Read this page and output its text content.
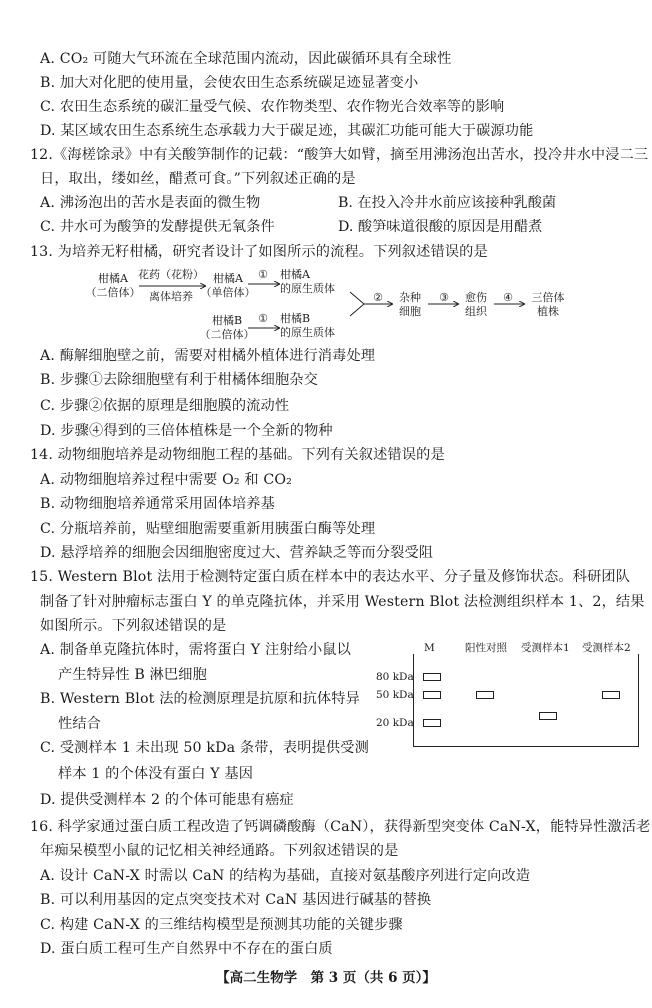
A. CO₂ 可随大气环流在全球范围内流动，因此碳循环具有全球性
B. 加大对化肥的使用量，会使农田生态系统碳足迹显著变小
C. 农田生态系统的碳汇量受气候、农作物类型、农作物光合效率等的影响
D. 某区域农田生态系统生态承载力大于碳足迹，其碳汇功能可能大于碳源功能
12.《海槎馀录》中有关酸笋制作的记载：“酸笋大如臂，摘至用沸汤泡出苦水，投冷井水中浸二三
日，取出，缕如丝，醋煮可食。”下列叙述正确的是
A. 沸汤泡出的苦水是表面的微生物	B. 在投入冷井水前应该接种乳酸菌
C. 井水可为酸笋的发酵提供无氧条件	D. 酸笋味道很酸的原因是用醋煮
13. 为培养无籽柑橘，研究者设计了如图所示的流程。下列叙述错误的是
柑橘A
（二倍体）
花药（花粉）
离体培养
柑橘A
（单倍体）
①	柑橘A
的原生质体
柑橘B
（二倍体）
①	柑橘B
的原生质体
②	杂种
细胞
③	愈伤
组织
④	三倍体
植株
A. 酶解细胞壁之前，需要对柑橘外植体进行消毒处理
B. 步骤①去除细胞壁有利于柑橘体细胞杂交
C. 步骤②依据的原理是细胞膜的流动性
D. 步骤④得到的三倍体植株是一个全新的物种
14. 动物细胞培养是动物细胞工程的基础。下列有关叙述错误的是
A. 动物细胞培养过程中需要 O₂ 和 CO₂
B. 动物细胞培养通常采用固体培养基
C. 分瓶培养前，贴壁细胞需要重新用胰蛋白酶等处理
D. 悬浮培养的细胞会因细胞密度过大、营养缺乏等而分裂受阻
15. Western Blot 法用于检测特定蛋白质在样本中的表达水平、分子量及修饰状态。科研团队
制备了针对肿瘤标志蛋白 Y 的单克隆抗体，并采用 Western Blot 法检测组织样本 1、2，结果
如图所示。下列叙述错误的是
A. 制备单克隆抗体时，需将蛋白 Y 注射给小鼠以
产生特异性 B 淋巴细胞
B. Western Blot 法的检测原理是抗原和抗体特异
性结合
C. 受测样本 1 未出现 50 kDa 条带，表明提供受测
样本 1 的个体没有蛋白 Y 基因
D. 提供受测样本 2 的个体可能患有癌症
M	阳性对照 受测样本1 受测样本2
80 kDa
50 kDa
20 kDa
16. 科学家通过蛋白质工程改造了钙调磷酸酶（CaN），获得新型突变体 CaN-X，能特异性激活老
年痴呆模型小鼠的记忆相关神经通路。下列叙述错误的是
A. 设计 CaN-X 时需以 CaN 的结构为基础，直接对氨基酸序列进行定向改造
B. 可以利用基因的定点突变技术对 CaN 基因进行碱基的替换
C. 构建 CaN-X 的三维结构模型是预测其功能的关键步骤
D. 蛋白质工程可生产自然界中不存在的蛋白质
【高二生物学　第 3 页（共 6 页）】
